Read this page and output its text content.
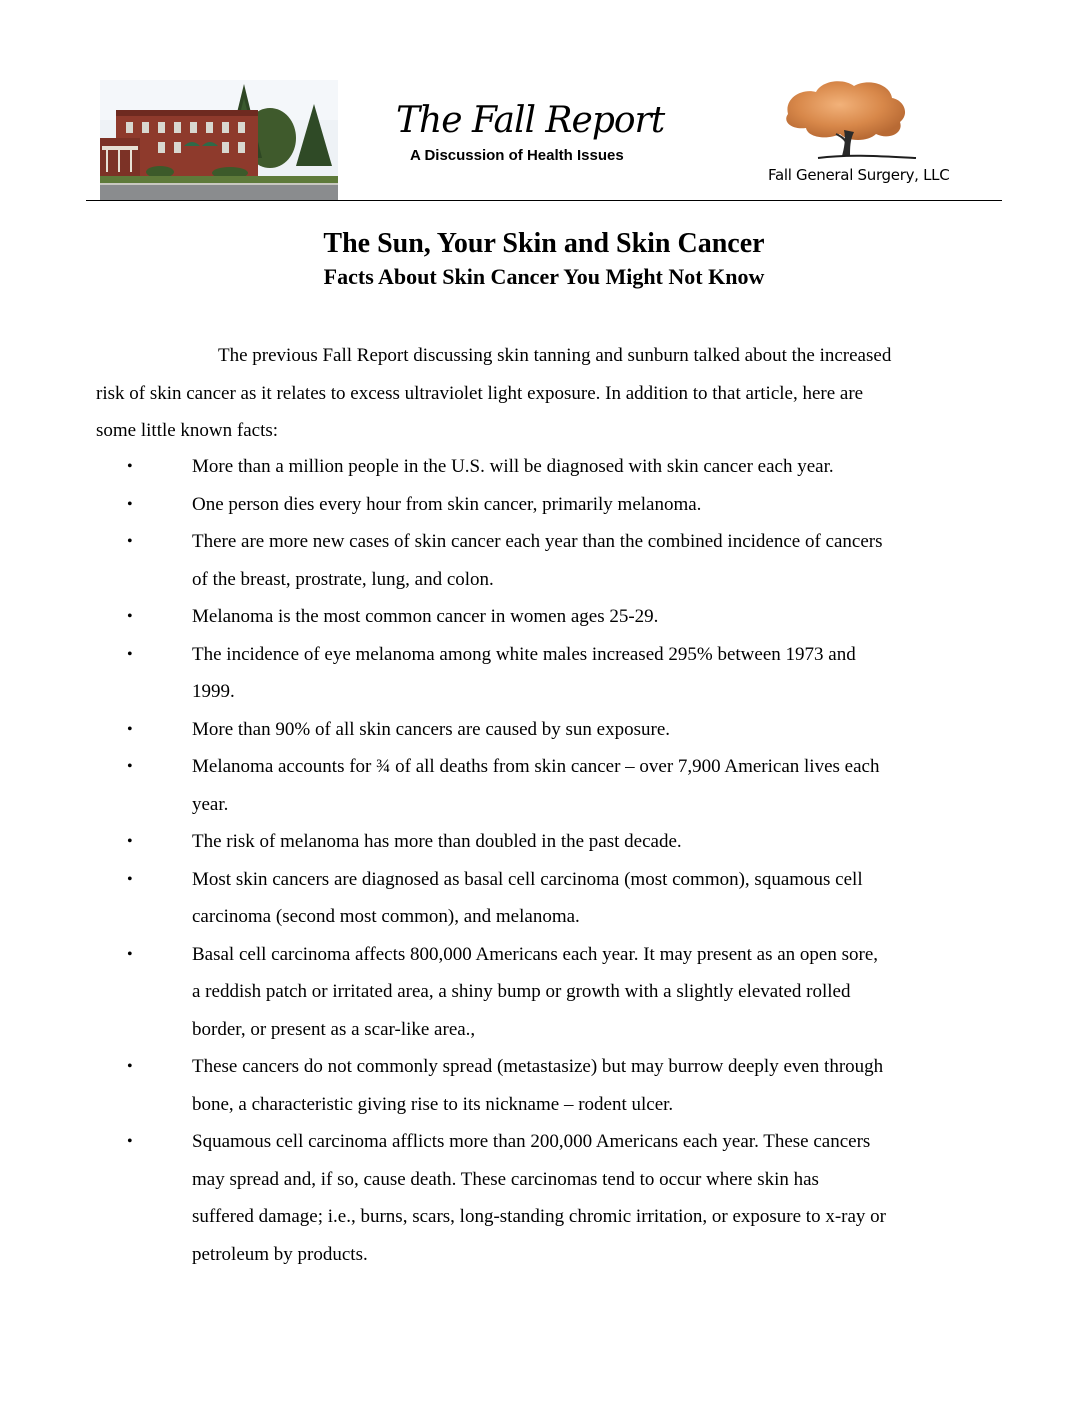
The Fall Report
A Discussion of Health Issues
Fall General Surgery, LLC
The Sun, Your Skin and Skin Cancer
Facts About Skin Cancer You Might Not Know
The previous Fall Report discussing skin tanning and sunburn talked about the increased
risk of skin cancer as it relates to excess ultraviolet light exposure. In addition to that article, here are
some little known facts:
•	More than a million people in the U.S. will be diagnosed with skin cancer each year.
•	One person dies every hour from skin cancer, primarily melanoma.
•	There are more new cases of skin cancer each year than the combined incidence of cancers
of the breast, prostrate, lung, and colon.
•	Melanoma is the most common cancer in women ages 25-29.
•	The incidence of eye melanoma among white males increased 295% between 1973 and
1999.
•	More than 90% of all skin cancers are caused by sun exposure.
•	Melanoma accounts for ¾ of all deaths from skin cancer – over 7,900 American lives each
year.
•	The risk of melanoma has more than doubled in the past decade.
•	Most skin cancers are diagnosed as basal cell carcinoma (most common), squamous cell
carcinoma (second most common), and melanoma.
•	Basal cell carcinoma affects 800,000 Americans each year. It may present as an open sore,
a reddish patch or irritated area, a shiny bump or growth with a slightly elevated rolled
border, or present as a scar-like area.,
•	These cancers do not commonly spread (metastasize) but may burrow deeply even through
bone, a characteristic giving rise to its nickname – rodent ulcer.
•	Squamous cell carcinoma afflicts more than 200,000 Americans each year. These cancers
may spread and, if so, cause death. These carcinomas tend to occur where skin has
suffered damage; i.e., burns, scars, long-standing chromic irritation, or exposure to x-ray or
petroleum by products.
